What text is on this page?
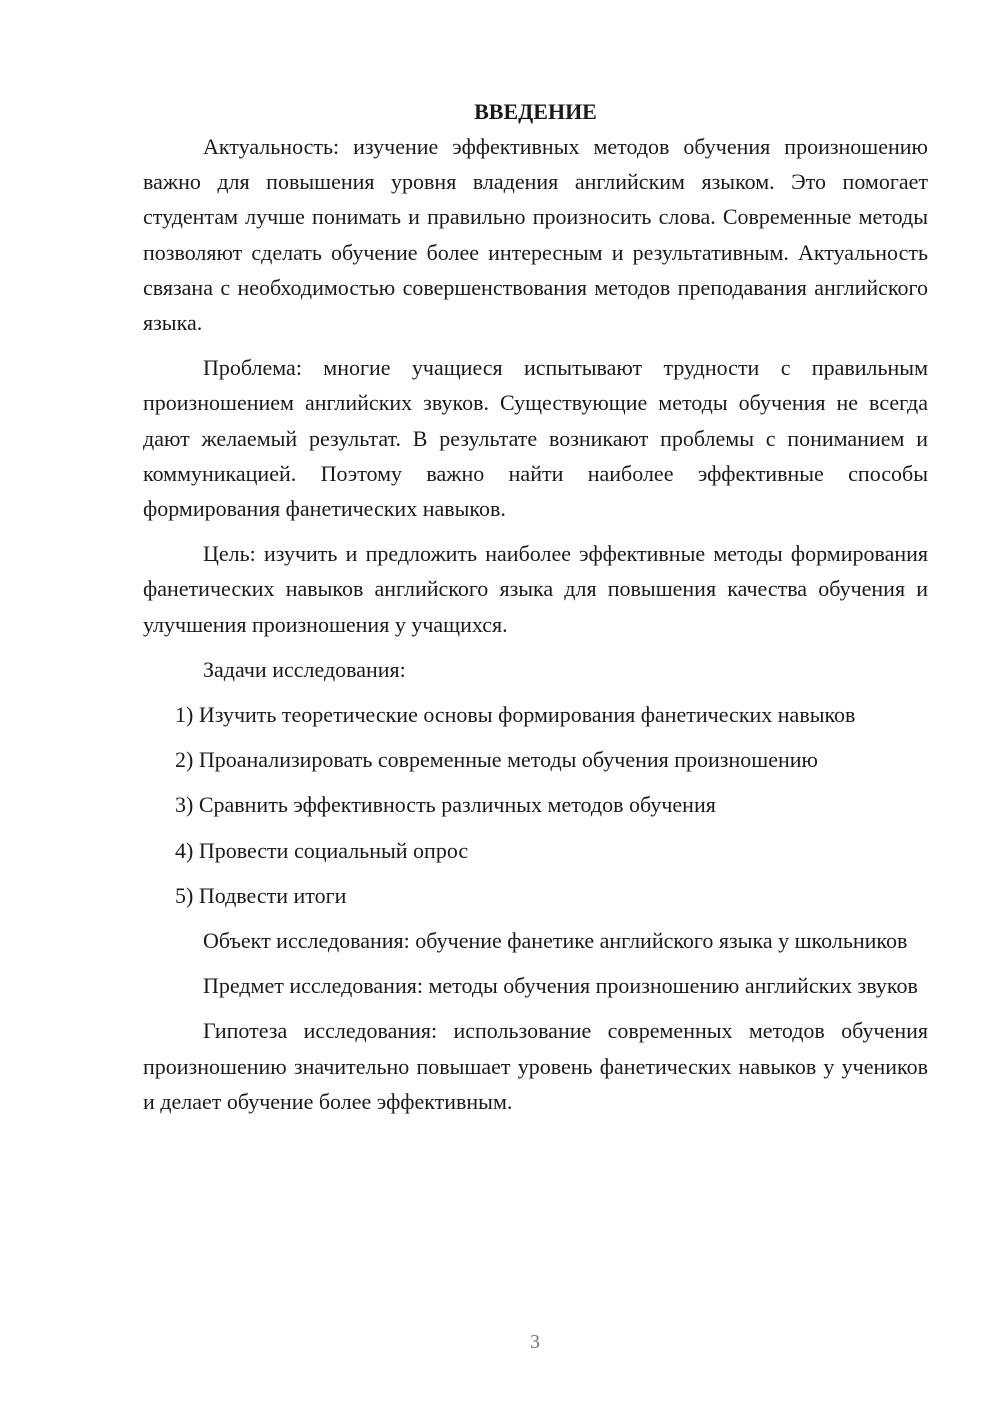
ВВЕДЕНИЕ

Актуальность: изучение эффективных методов обучения произношению важно для повышения уровня владения английским языком. Это помогает студентам лучше понимать и правильно произносить слова. Современные методы позволяют сделать обучение более интересным и результативным. Актуальность связана с необходимостью совершенствования методов преподавания английского языка.

Проблема: многие учащиеся испытывают трудности с правильным произношением английских звуков. Существующие методы обучения не всегда дают желаемый результат. В результате возникают проблемы с пониманием и коммуникацией. Поэтому важно найти наиболее эффективные способы формирования фанетических навыков.

Цель: изучить и предложить наиболее эффективные методы формирования фанетических навыков английского языка для повышения качества обучения и улучшения произношения у учащихся.

Задачи исследования:

1) Изучить теоретические основы формирования фанетических навыков

2) Проанализировать современные методы обучения произношению

3) Сравнить эффективность различных методов обучения

4) Провести социальный опрос

5) Подвести итоги

Объект исследования: обучение фанетике английского языка у школьников

Предмет исследования: методы обучения произношению английских звуков

Гипотеза исследования: использование современных методов обучения произношению значительно повышает уровень фанетических навыков у учеников и делает обучение более эффективным.

3
